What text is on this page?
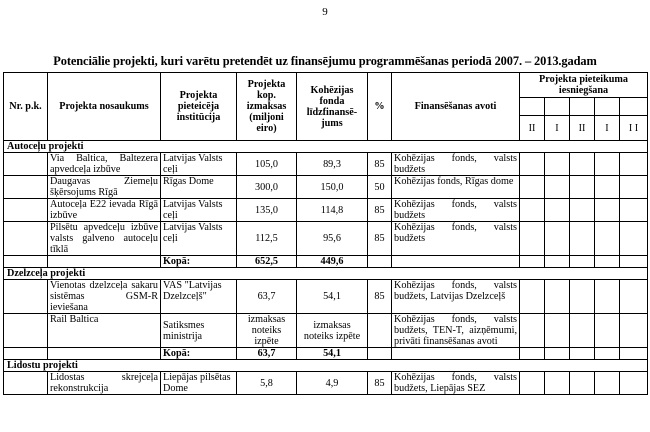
9
Potenciālie projekti, kuri varētu pretendēt uz finansējumu programmēšanas periodā 2007. – 2013.gadam
Nr. p.k.	Projekta nosaukums	Projekta pieteicēja institūcija	Projekta kop. izmaksas (miljoni eiro)	Kohēzijas fonda līdzfinansē-jums	%	Finansēšanas avoti	Projekta pieteikuma iesniegšana				

							II	I	II	I	I I
Autoceļu projekti											
	Via Baltica, Baltezera apvedceļa izbūve	Latvijas Valsts ceļi	105,0	89,3	85	Kohēzijas fonds, valsts budžets					
	Daugavas Ziemeļu šķērsojums Rīgā	Rīgas Dome	300,0	150,0	50	Kohēzijas fonds, Rīgas dome					
	Autoceļa E22 ievada Rīgā izbūve	Latvijas Valsts ceļi	135,0	114,8	85	Kohēzijas fonds, valsts budžets					
	Pilsētu apvedceļu izbūve valsts galveno autoceļu tīklā	Latvijas Valsts ceļi	112,5	95,6	85	Kohēzijas fonds, valsts budžets					
		Kopā:	652,5	449,6							
Dzelzceļa projekti											
	Vienotas dzelzceļa sakaru sistēmas GSM-R ieviešana	VAS "Latvijas Dzelzceļš"	63,7	54,1	85	Kohēzijas fonds, valsts budžets, Latvijas Dzelzceļš					
	Rail Baltica	Satiksmes ministrija	izmaksas noteiks izpēte	izmaksas noteiks izpēte		Kohēzijas fonds, valsts budžets, TEN-T, aizņēmumi, privāti finansēšanas avoti					
		Kopā:	63,7	54,1							
Lidostu projekti											
	Lidostas skrejceļa rekonstrukcija	Liepājas pilsētas Dome	5,8	4,9	85	Kohēzijas fonds, valsts budžets, Liepājas SEZ					
